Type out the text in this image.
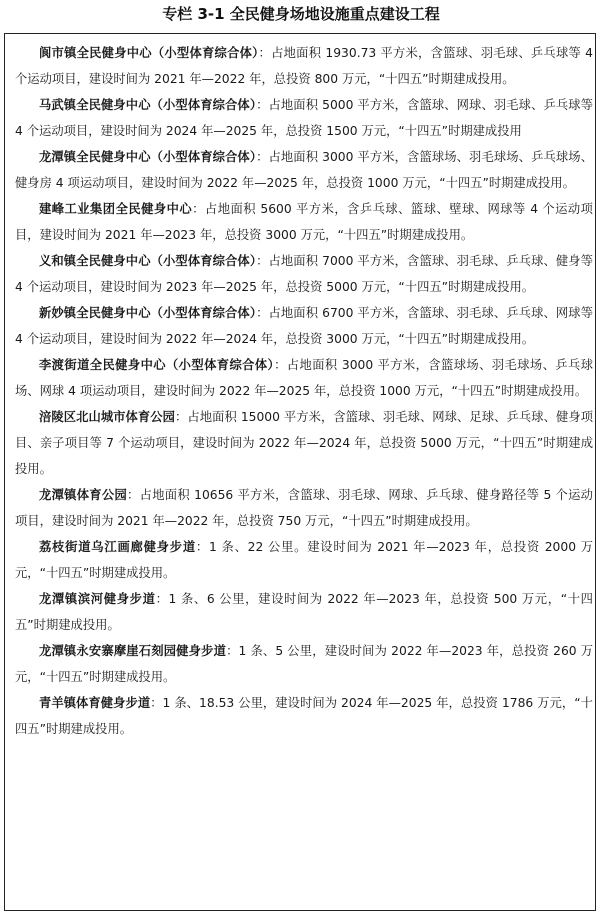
专栏 3-1 全民健身场地设施重点建设工程

阆市镇全民健身中心（小型体育综合体）：占地面积 1930.73 平方米，含篮球、羽毛球、乒乓球等 4 个运动项目，建设时间为 2021 年—2022 年，总投资 800 万元，“十四五”时期建成投用。

马武镇全民健身中心（小型体育综合体）：占地面积 5000 平方米，含篮球、网球、羽毛球、乒乓球等 4 个运动项目，建设时间为 2024 年—2025 年，总投资 1500 万元，“十四五”时期建成投用

龙潭镇全民健身中心（小型体育综合体）：占地面积 3000 平方米，含篮球场、羽毛球场、乒乓球场、健身房 4 项运动项目，建设时间为 2022 年—2025 年，总投资 1000 万元，“十四五”时期建成投用。

建峰工业集团全民健身中心：占地面积 5600 平方米，含乒乓球、篮球、壁球、网球等 4 个运动项目，建设时间为 2021 年—2023 年，总投资 3000 万元，“十四五”时期建成投用。

义和镇全民健身中心（小型体育综合体）：占地面积 7000 平方米，含篮球、羽毛球、乒乓球、健身等 4 个运动项目，建设时间为 2023 年—2025 年，总投资 5000 万元，“十四五”时期建成投用。

新妙镇全民健身中心（小型体育综合体）：占地面积 6700 平方米，含篮球、羽毛球、乒乓球、网球等 4 个运动项目，建设时间为 2022 年—2024 年，总投资 3000 万元，“十四五”时期建成投用。

李渡街道全民健身中心（小型体育综合体）：占地面积 3000 平方米，含篮球场、羽毛球场、乒乓球场、网球 4 项运动项目，建设时间为 2022 年—2025 年，总投资 1000 万元，“十四五”时期建成投用。

涪陵区北山城市体育公园：占地面积 15000 平方米，含篮球、羽毛球、网球、足球、乒乓球、健身项目、亲子项目等 7 个运动项目，建设时间为 2022 年—2024 年，总投资 5000 万元，“十四五”时期建成投用。

龙潭镇体育公园：占地面积 10656 平方米，含篮球、羽毛球、网球、乒乓球、健身路径等 5 个运动项目，建设时间为 2021 年—2022 年，总投资 750 万元，“十四五”时期建成投用。

荔枝街道乌江画廊健身步道：1 条、22 公里。建设时间为 2021 年—2023 年，总投资 2000 万元，“十四五”时期建成投用。

龙潭镇滨河健身步道：1 条、6 公里，建设时间为 2022 年—2023 年，总投资 500 万元，“十四五”时期建成投用。

龙潭镇永安寨摩崖石刻园健身步道：1 条、5 公里，建设时间为 2022 年—2023 年，总投资 260 万元，“十四五”时期建成投用。

青羊镇体育健身步道：1 条、18.53 公里，建设时间为 2024 年—2025 年，总投资 1786 万元，“十四五”时期建成投用。
